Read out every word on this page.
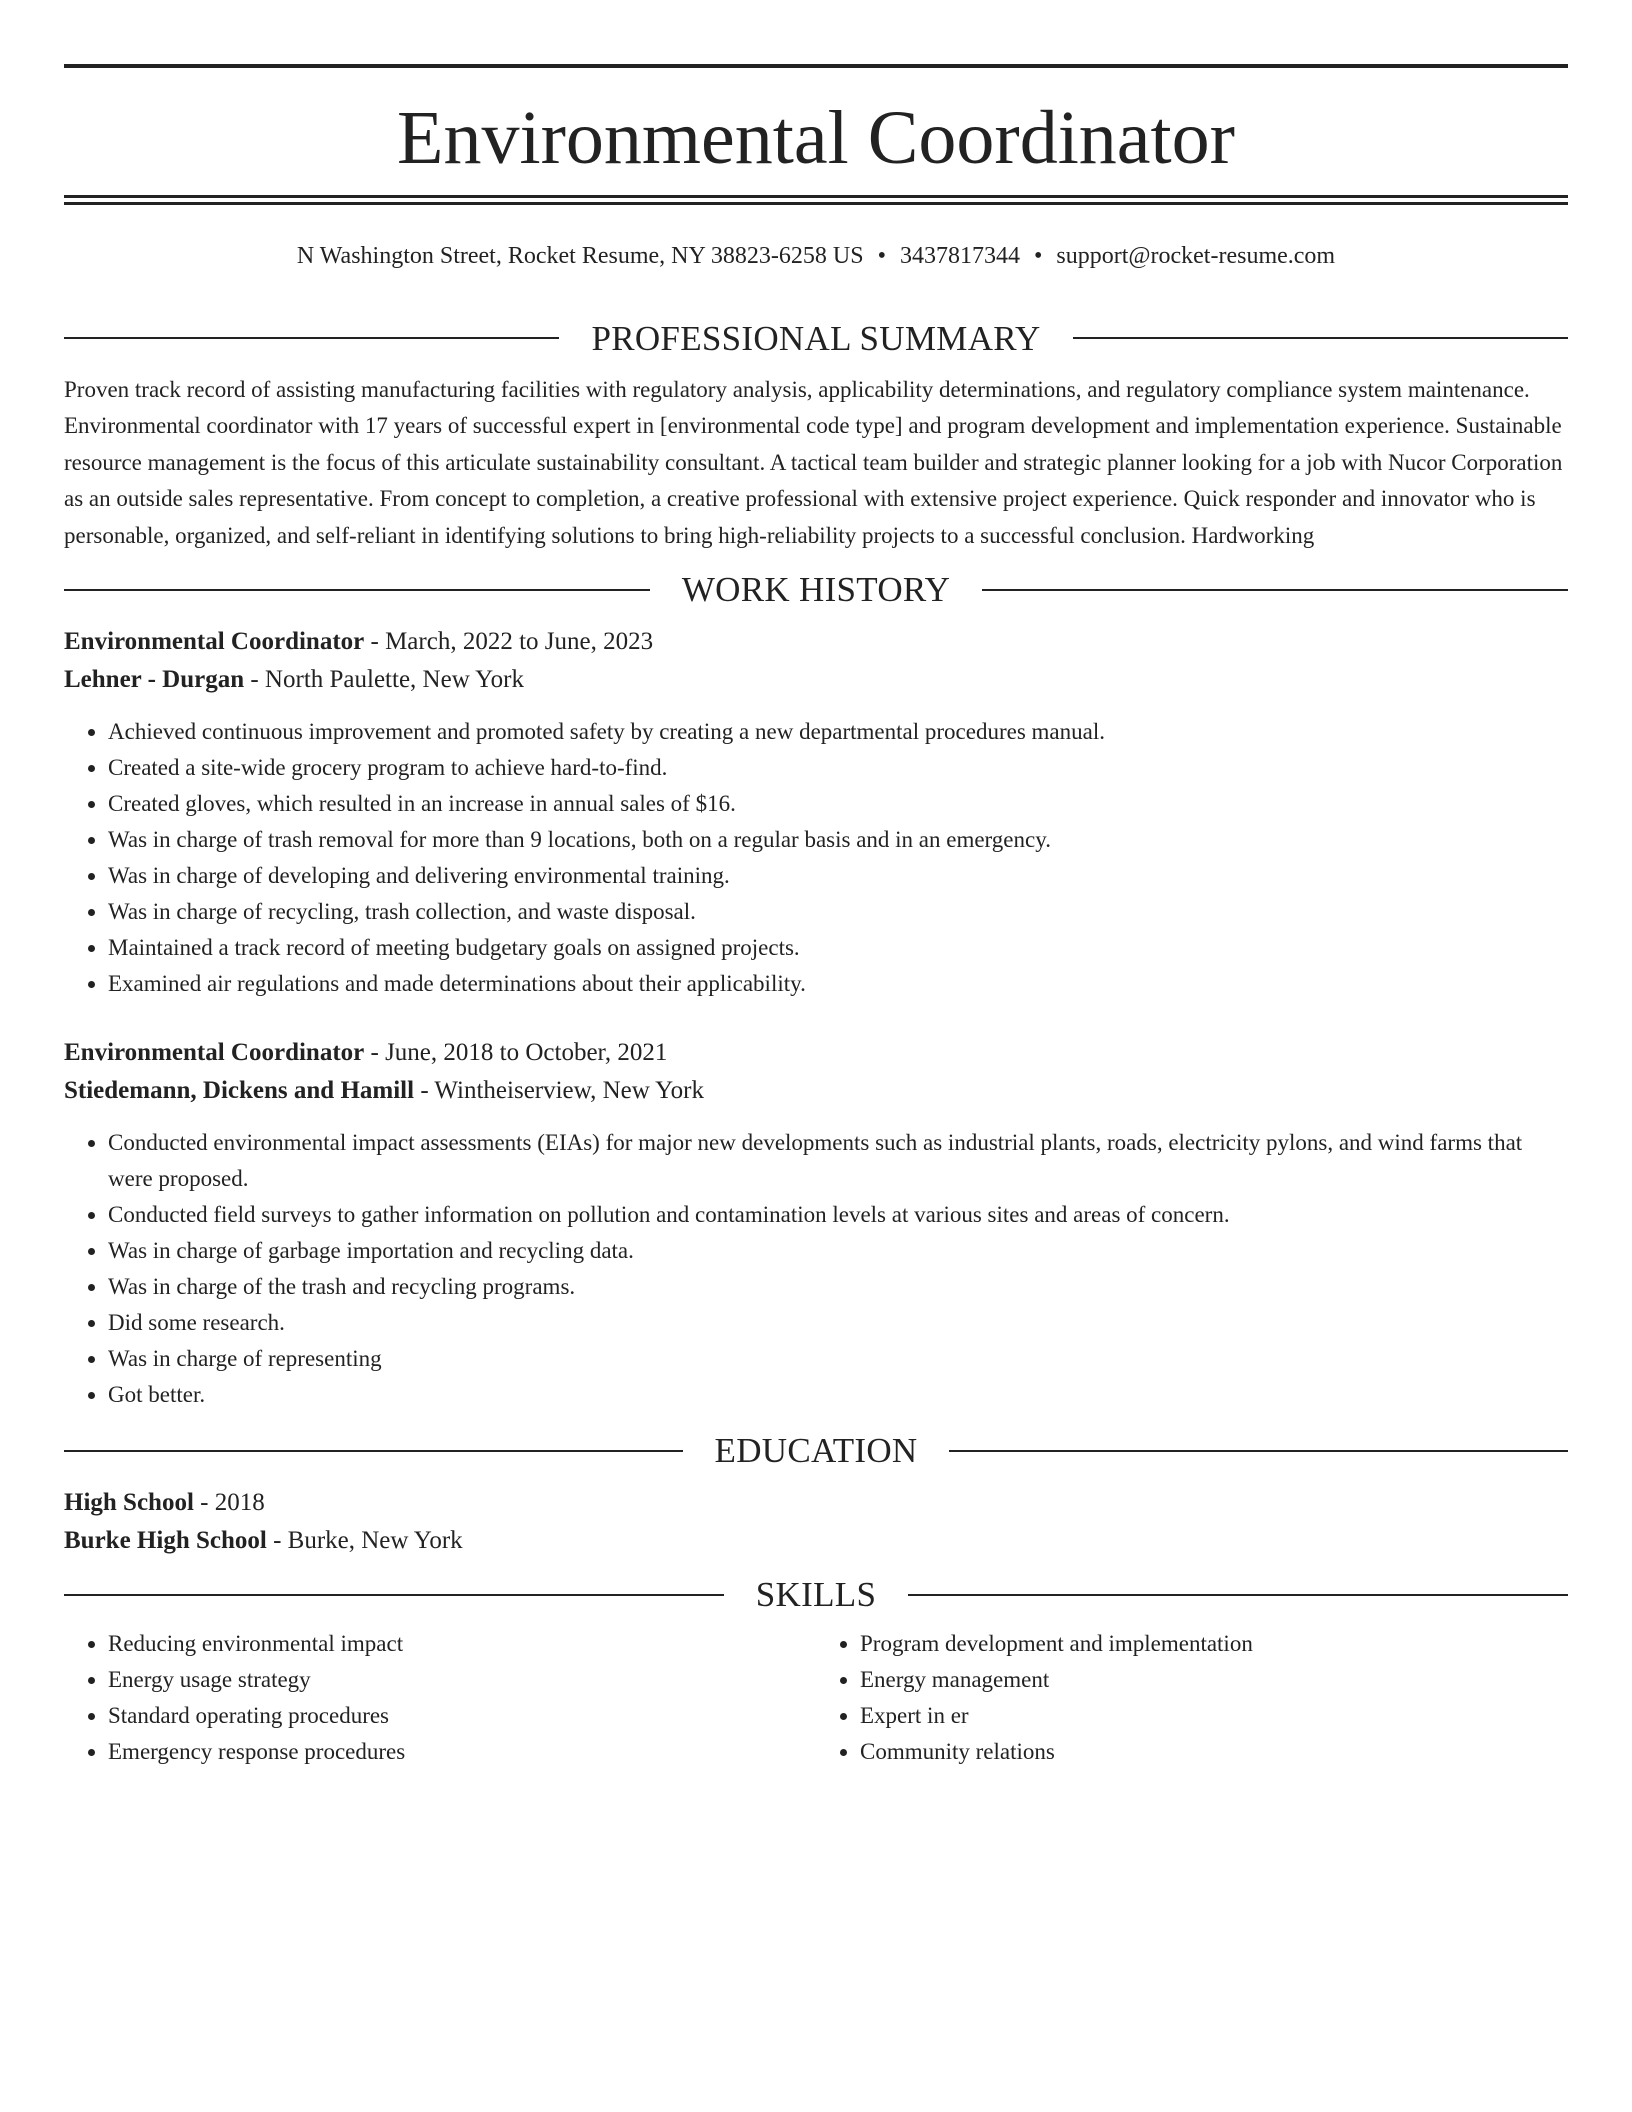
Environmental Coordinator
N Washington Street, Rocket Resume, NY 38823-6258 US • 3437817344 • support@rocket-resume.com
PROFESSIONAL SUMMARY

Proven track record of assisting manufacturing facilities with regulatory analysis, applicability determinations, and regulatory compliance system maintenance. Environmental coordinator with 17 years of successful expert in [environmental code type] and program development and implementation experience. Sustainable resource management is the focus of this articulate sustainability consultant. A tactical team builder and strategic planner looking for a job with Nucor Corporation as an outside sales representative. From concept to completion, a creative professional with extensive project experience. Quick responder and innovator who is personable, organized, and self-reliant in identifying solutions to bring high-reliability projects to a successful conclusion. Hardworking

WORK HISTORY
Environmental Coordinator - March, 2022 to June, 2023
Lehner - Durgan - North Paulette, New York
• Achieved continuous improvement and promoted safety by creating a new departmental procedures manual.
• Created a site-wide grocery program to achieve hard-to-find.
• Created gloves, which resulted in an increase in annual sales of $16.
• Was in charge of trash removal for more than 9 locations, both on a regular basis and in an emergency.
• Was in charge of developing and delivering environmental training.
• Was in charge of recycling, trash collection, and waste disposal.
• Maintained a track record of meeting budgetary goals on assigned projects.
• Examined air regulations and made determinations about their applicability.
Environmental Coordinator - June, 2018 to October, 2021
Stiedemann, Dickens and Hamill - Wintheiserview, New York
• Conducted environmental impact assessments (EIAs) for major new developments such as industrial plants, roads, electricity pylons, and wind farms that were proposed.
• Conducted field surveys to gather information on pollution and contamination levels at various sites and areas of concern.
• Was in charge of garbage importation and recycling data.
• Was in charge of the trash and recycling programs.
• Did some research.
• Was in charge of representing
• Got better.
EDUCATION
High School - 2018
Burke High School - Burke, New York
SKILLS
• Reducing environmental impact
• Energy usage strategy
• Standard operating procedures
• Emergency response procedures
• Program development and implementation
• Energy management
• Expert in er
• Community relations
